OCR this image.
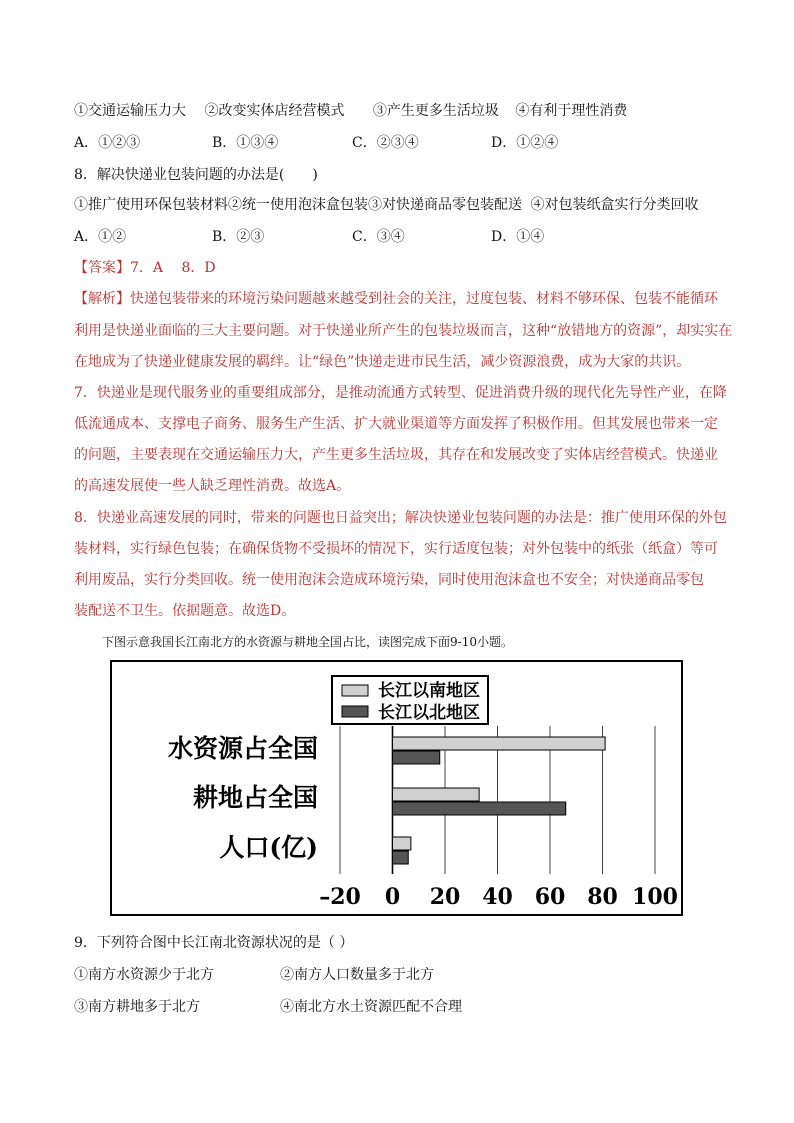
①交通运输压力大 ②改变实体店经营模式 ③产生更多生活垃圾 ④有利于理性消费
A．①②③	B．①③④	C．②③④	D．①②④
8．解决快递业包装问题的办法是(　　)
①推广使用环保包装材料②统一使用泡沫盒包装③对快递商品零包装配送 ④对包装纸盒实行分类回收
A．①②	B．②③	C．③④	D．①④
【答案】7．A　 8．D
【解析】快递包装带来的环境污染问题越来越受到社会的关注，过度包装、材料不够环保、包装不能循环
利用是快递业面临的三大主要问题。对于快递业所产生的包装垃圾而言，这种“放错地方的资源”，却实实在
在地成为了快递业健康发展的羁绊。让“绿色”快递走进市民生活，减少资源浪费，成为大家的共识。
7．快递业是现代服务业的重要组成部分，是推动流通方式转型、促进消费升级的现代化先导性产业，在降
低流通成本、支撑电子商务、服务生产生活、扩大就业渠道等方面发挥了积极作用。但其发展也带来一定
的问题，主要表现在交通运输压力大，产生更多生活垃圾，其存在和发展改变了实体店经营模式。快递业
的高速发展使一些人缺乏理性消费。故选A。
8．快递业高速发展的同时，带来的问题也日益突出；解决快递业包装问题的办法是：推广使用环保的外包
装材料，实行绿色包装；在确保货物不受损坏的情况下，实行适度包装；对外包装中的纸张（纸盒）等可
利用废品，实行分类回收。统一使用泡沫会造成环境污染，同时使用泡沫盒也不安全；对快递商品零包
装配送不卫生。依据题意。故选D。
下图示意我国长江南北方的水资源与耕地全国占比，读图完成下面9-10小题。
–20 0 20 40 60 80 100
长江以南地区
长江以北地区
水资源占全国
耕地占全国
人口(亿)
9．下列符合图中长江南北资源状况的是（ ）
①南方水资源少于北方	②南方人口数量多于北方
③南方耕地多于北方	④南北方水土资源匹配不合理
